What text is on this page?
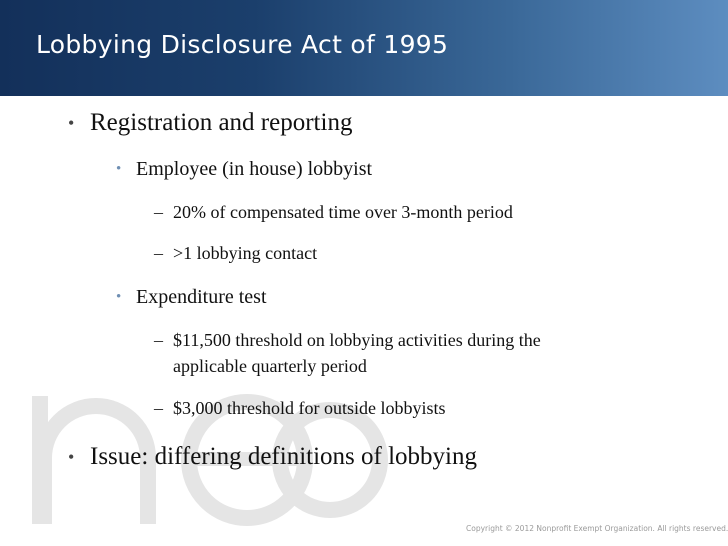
Lobbying Disclosure Act of 1995
• Registration and reporting
• Employee (in house) lobbyist
– 20% of compensated time over 3-month period
– >1 lobbying contact
• Expenditure test
– $11,500 threshold on lobbying activities during the
applicable quarterly period
– $3,000 threshold for outside lobbyists
• Issue: differing definitions of lobbying
Copyright © 2012 Nonprofit Exempt Organization. All rights reserved.
